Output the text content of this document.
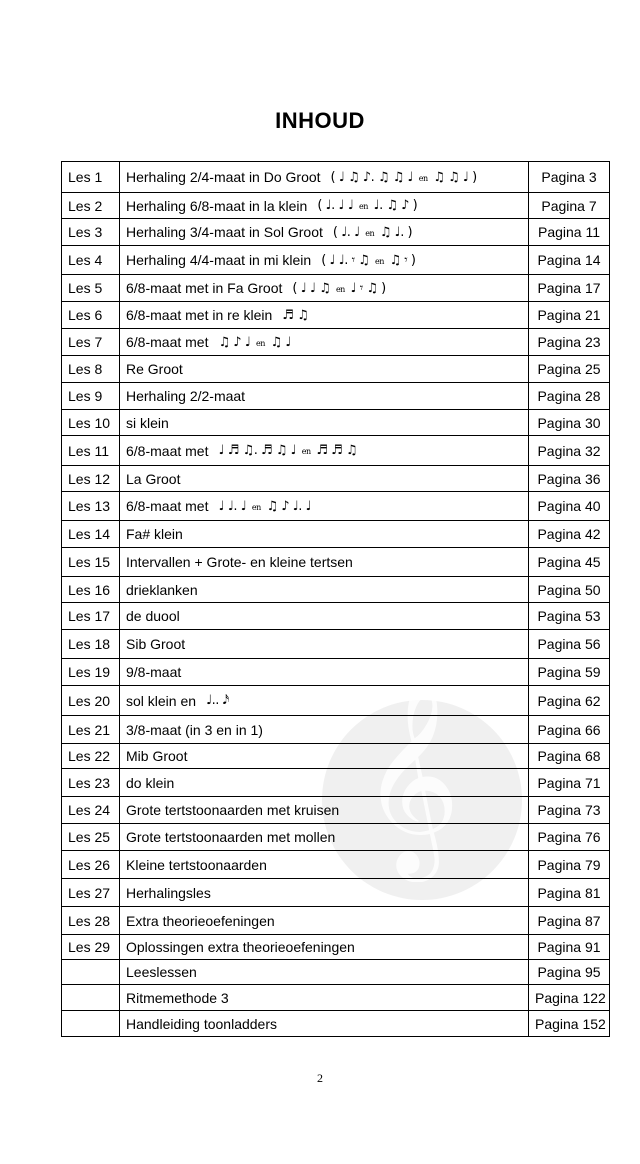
INHOUD
𝄞
Les 1	Herhaling 2/4-maat in Do Groot ( ♩ ♫ ♪. ♫ ♫ ♩ en ♫ ♫ ♩ )	Pagina 3
Les 2	Herhaling 6/8-maat in la klein ( ♩. ♩ ♩ en ♩. ♫ ♪ )	Pagina 7
Les 3	Herhaling 3/4-maat in Sol Groot ( ♩. ♩ en ♫ ♩. )	Pagina 11
Les 4	Herhaling 4/4-maat in mi klein ( ♩ ♩. 𝄾 ♫ en ♫ 𝄾 )	Pagina 14
Les 5	6/8-maat met in Fa Groot ( ♩ ♩ ♫ en ♩ 𝄾 ♫ )	Pagina 17
Les 6	6/8-maat met in re klein ♬ ♫	Pagina 21
Les 7	6/8-maat met ♫ ♪ ♩ en ♫ ♩	Pagina 23
Les 8	Re Groot	Pagina 25
Les 9	Herhaling 2/2-maat	Pagina 28
Les 10	si klein	Pagina 30
Les 11	6/8-maat met ♩ ♬ ♫. ♬ ♫ ♩ en ♬ ♬ ♫	Pagina 32
Les 12	La Groot	Pagina 36
Les 13	6/8-maat met ♩ ♩. ♩ en ♫ ♪ ♩. ♩	Pagina 40
Les 14	Fa# klein	Pagina 42
Les 15	Intervallen + Grote- en kleine tertsen	Pagina 45
Les 16	drieklanken	Pagina 50
Les 17	de duool	Pagina 53
Les 18	Sib Groot	Pagina 56
Les 19	9/8-maat	Pagina 59
Les 20	sol klein en ♩.. 𝅘𝅥𝅯	Pagina 62
Les 21	3/8-maat (in 3 en in 1)	Pagina 66
Les 22	Mib Groot	Pagina 68
Les 23	do klein	Pagina 71
Les 24	Grote tertstoonaarden met kruisen	Pagina 73
Les 25	Grote tertstoonaarden met mollen	Pagina 76
Les 26	Kleine tertstoonaarden	Pagina 79
Les 27	Herhalingsles	Pagina 81
Les 28	Extra theorieoefeningen	Pagina 87
Les 29	Oplossingen extra theorieoefeningen	Pagina 91

	Leeslessen	Pagina 95

	Ritmemethode 3	Pagina 122

	Handleiding toonladders	Pagina 152
2
